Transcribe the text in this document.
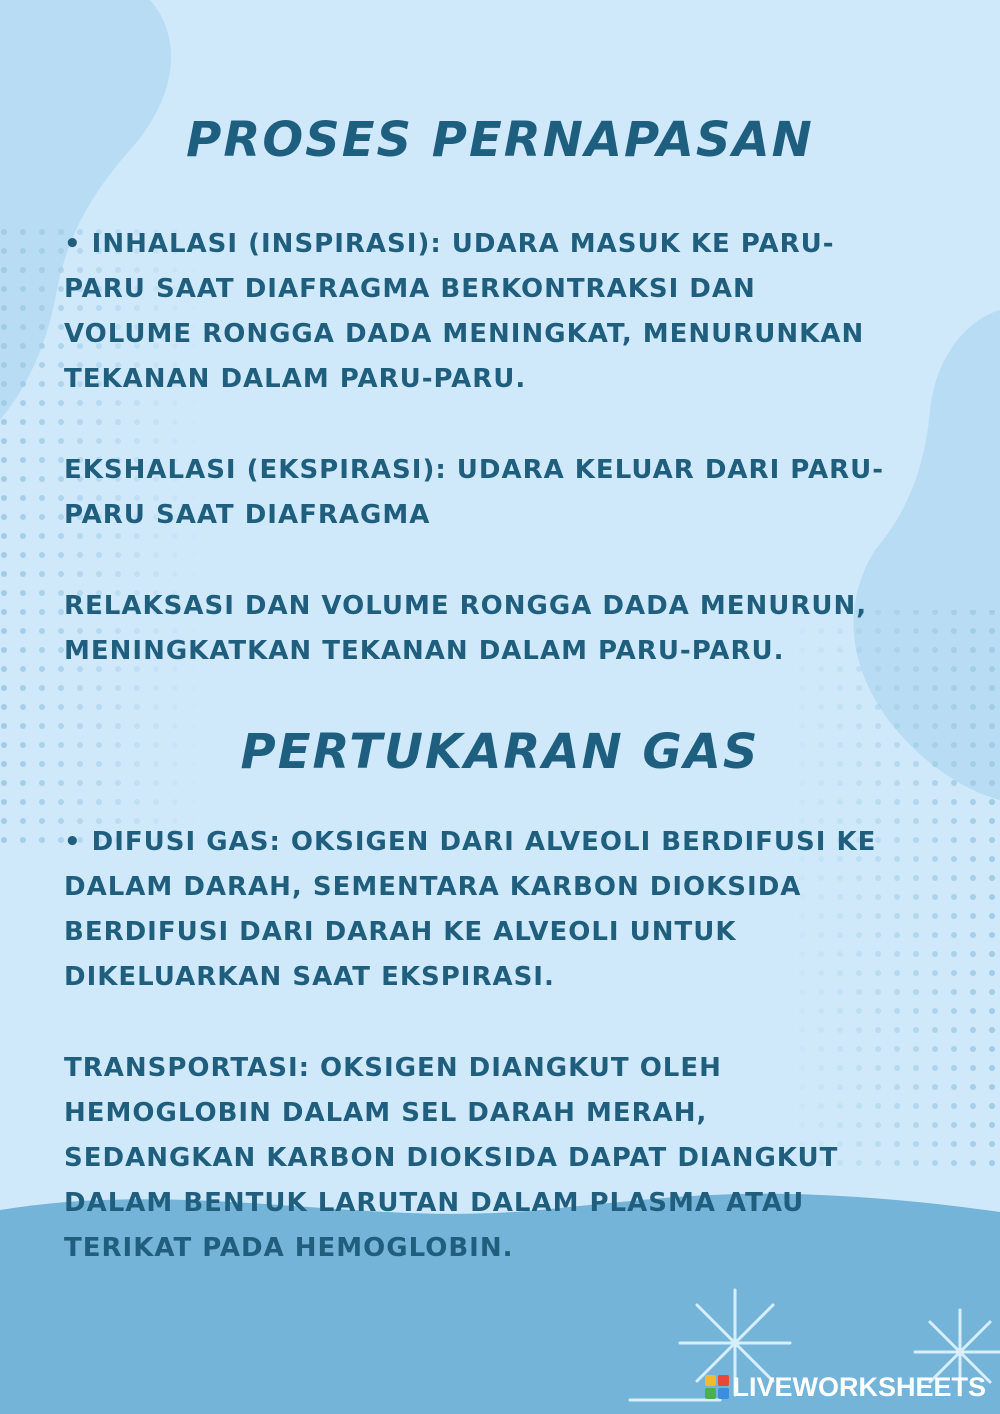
PROSES PERNAPASAN

• INHALASI (INSPIRASI): UDARA MASUK KE PARU-PARU SAAT DIAFRAGMA BERKONTRAKSI DAN VOLUME RONGGA DADA MENINGKAT, MENURUNKAN TEKANAN DALAM PARU-PARU.

EKSHALASI (EKSPIRASI): UDARA KELUAR DARI PARU-PARU SAAT DIAFRAGMA

RELAKSASI DAN VOLUME RONGGA DADA MENURUN, MENINGKATKAN TEKANAN DALAM PARU-PARU.

PERTUKARAN GAS

• DIFUSI GAS: OKSIGEN DARI ALVEOLI BERDIFUSI KE DALAM DARAH, SEMENTARA KARBON DIOKSIDA BERDIFUSI DARI DARAH KE ALVEOLI UNTUK DIKELUARKAN SAAT EKSPIRASI.

TRANSPORTASI: OKSIGEN DIANGKUT OLEH HEMOGLOBIN DALAM SEL DARAH MERAH, SEDANGKAN KARBON DIOKSIDA DAPAT DIANGKUT DALAM BENTUK LARUTAN DALAM PLASMA ATAU TERIKAT PADA HEMOGLOBIN.

LIVEWORKSHEETS
